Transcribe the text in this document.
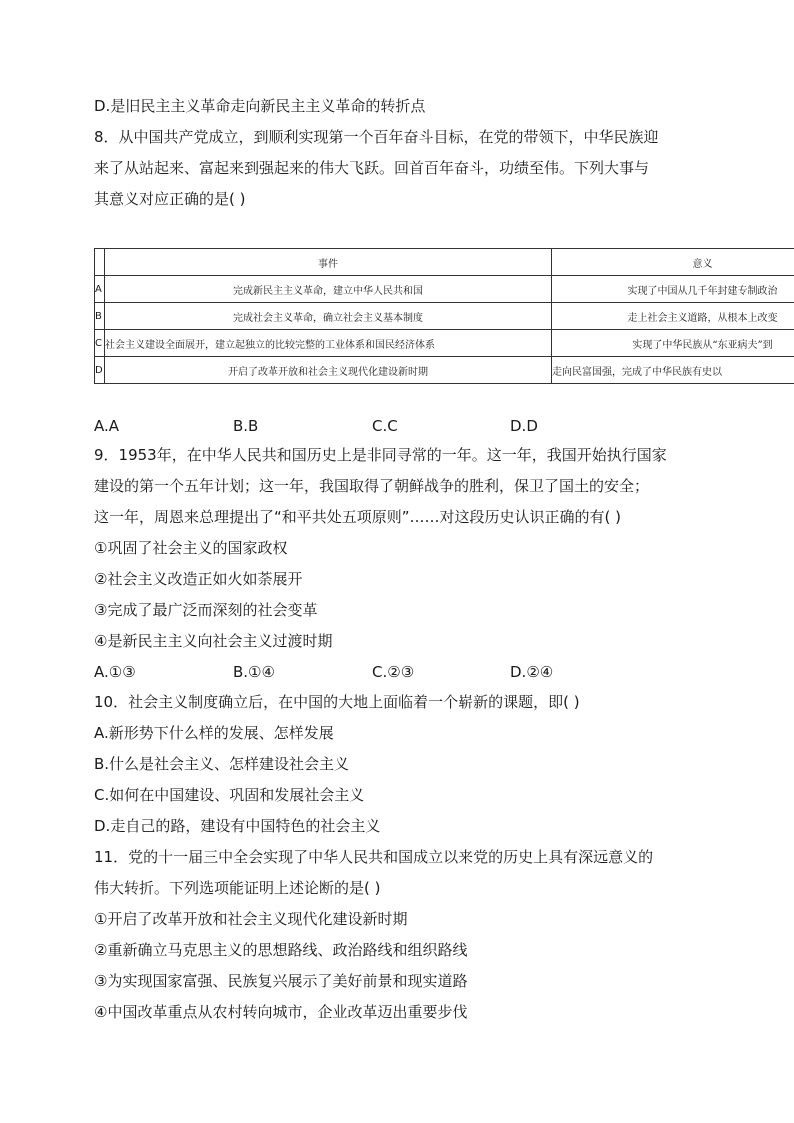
D.是旧民主主义革命走向新民主主义革命的转折点
8．从中国共产党成立，到顺利实现第一个百年奋斗目标，在党的带领下，中华民族迎
来了从站起来、富起来到强起来的伟大飞跃。回首百年奋斗，功绩至伟。下列大事与
其意义对应正确的是( )
	事件	意义
A	完成新民主主义革命，建立中华人民共和国	实现了中国从几千年封建专制政治
B	完成社会主义革命，确立社会主义基本制度	走上社会主义道路，从根本上改变
C	社会主义建设全面展开，建立起独立的比较完整的工业体系和国民经济体系	实现了中华民族从“东亚病夫”到
D	开启了改革开放和社会主义现代化建设新时期	走向民富国强，完成了中华民族有史以
A.A	B.B	C.C	D.D
9．1953年，在中华人民共和国历史上是非同寻常的一年。这一年，我国开始执行国家
建设的第一个五年计划；这一年，我国取得了朝鲜战争的胜利，保卫了国土的安全；
这一年，周恩来总理提出了“和平共处五项原则”……对这段历史认识正确的有( )
①巩固了社会主义的国家政权
②社会主义改造正如火如荼展开
③完成了最广泛而深刻的社会变革
④是新民主主义向社会主义过渡时期
A.①③	B.①④	C.②③	D.②④
10．社会主义制度确立后，在中国的大地上面临着一个崭新的课题，即( )
A.新形势下什么样的发展、怎样发展
B.什么是社会主义、怎样建设社会主义
C.如何在中国建设、巩固和发展社会主义
D.走自己的路，建设有中国特色的社会主义
11．党的十一届三中全会实现了中华人民共和国成立以来党的历史上具有深远意义的
伟大转折。下列选项能证明上述论断的是( )
①开启了改革开放和社会主义现代化建设新时期
②重新确立马克思主义的思想路线、政治路线和组织路线
③为实现国家富强、民族复兴展示了美好前景和现实道路
④中国改革重点从农村转向城市，企业改革迈出重要步伐
